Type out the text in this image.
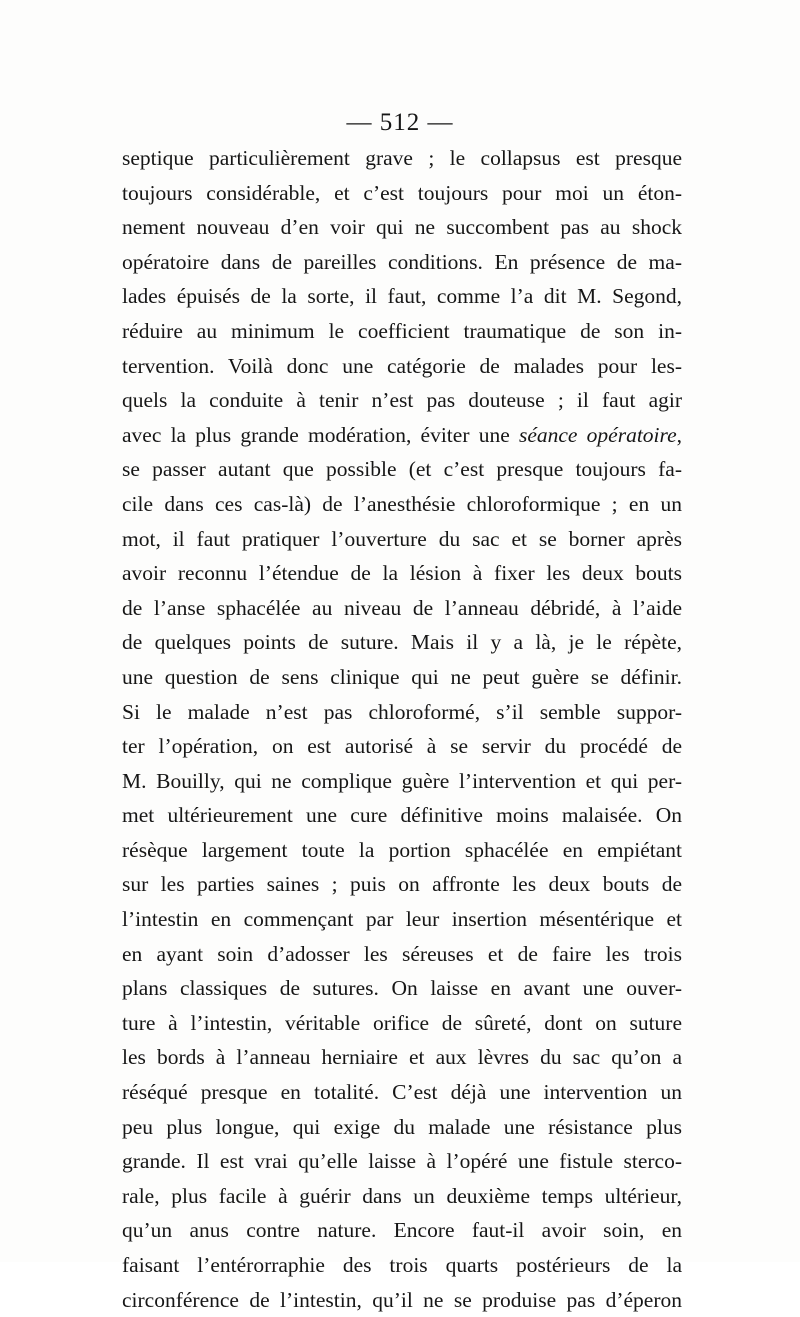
— 512 —
septique particulièrement grave ; le collapsus est presque
toujours considérable, et c’est toujours pour moi un éton-
nement nouveau d’en voir qui ne succombent pas au shock
opératoire dans de pareilles conditions. En présence de ma-
lades épuisés de la sorte, il faut, comme l’a dit M. Segond,
réduire au minimum le coefficient traumatique de son in-
tervention. Voilà donc une catégorie de malades pour les-
quels la conduite à tenir n’est pas douteuse ; il faut agir
avec la plus grande modération, éviter une séance opératoire,
se passer autant que possible (et c’est presque toujours fa-
cile dans ces cas-là) de l’anesthésie chloroformique ; en un
mot, il faut pratiquer l’ouverture du sac et se borner après
avoir reconnu l’étendue de la lésion à fixer les deux bouts
de l’anse sphacélée au niveau de l’anneau débridé, à l’aide
de quelques points de suture. Mais il y a là, je le répète,
une question de sens clinique qui ne peut guère se définir.
Si le malade n’est pas chloroformé, s’il semble suppor-
ter l’opération, on est autorisé à se servir du procédé de
M. Bouilly, qui ne complique guère l’intervention et qui per-
met ultérieurement une cure définitive moins malaisée. On
résèque largement toute la portion sphacélée en empiétant
sur les parties saines ; puis on affronte les deux bouts de
l’intestin en commençant par leur insertion mésentérique et
en ayant soin d’adosser les séreuses et de faire les trois
plans classiques de sutures. On laisse en avant une ouver-
ture à l’intestin, véritable orifice de sûreté, dont on suture
les bords à l’anneau herniaire et aux lèvres du sac qu’on a
réséqué presque en totalité. C’est déjà une intervention un
peu plus longue, qui exige du malade une résistance plus
grande. Il est vrai qu’elle laisse à l’opéré une fistule sterco-
rale, plus facile à guérir dans un deuxième temps ultérieur,
qu’un anus contre nature. Encore faut-il avoir soin, en
faisant l’entérorraphie des trois quarts postérieurs de la
circonférence de l’intestin, qu’il ne se produise pas d’éperon
